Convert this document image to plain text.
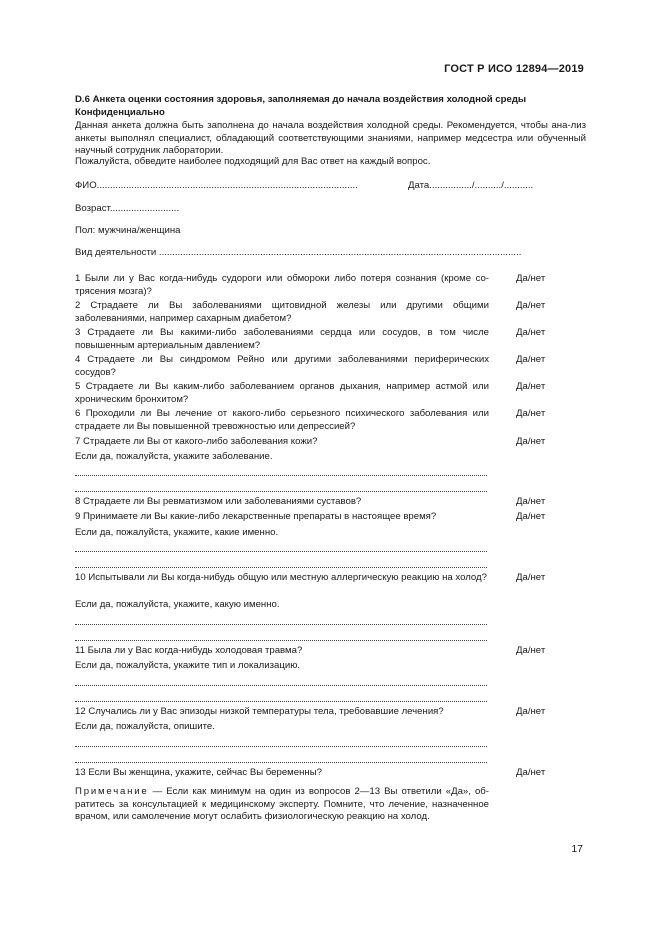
ГОСТ Р ИСО 12894—2019
D.6 Анкета оценки состояния здоровья, заполняемая до начала воздействия холодной среды
Конфиденциально
Данная анкета должна быть заполнена до начала воздействия холодной среды. Рекомендуется, чтобы ана-лиз анкеты выполнял специалист, обладающий соответствующими знаниями, например медсестра или обученный научный сотрудник лаборатории.
Пожалуйста, обведите наиболее подходящий для Вас ответ на каждый вопрос.
ФИО..................................................................................................	Дата................/........../...........
Возраст..........................
Пол: мужчина/женщина
Вид деятельности ........................................................................................................................................
1 Были ли у Вас когда-нибудь судороги или обмороки либо потеря сознания (кроме со-трясения мозга)?
Да/нет
2 Страдаете ли Вы заболеваниями щитовидной железы или другими общими заболеваниями, например сахарным диабетом?
Да/нет
3 Страдаете ли Вы какими-либо заболеваниями сердца или сосудов, в том числе повышенным артериальным давлением?
Да/нет
4 Страдаете ли Вы синдромом Рейно или другими заболеваниями периферических сосудов?
Да/нет
5 Страдаете ли Вы каким-либо заболеванием органов дыхания, например астмой или хроническим бронхитом?
Да/нет
6 Проходили ли Вы лечение от какого-либо серьезного психического заболевания или страдаете ли Вы повышенной тревожностью или депрессией?
Да/нет
7 Страдаете ли Вы от какого-либо заболевания кожи?	Да/нет
Если да, пожалуйста, укажите заболевание.
8 Страдаете ли Вы ревматизмом или заболеваниями суставов?	Да/нет
9 Принимаете ли Вы какие-либо лекарственные препараты в настоящее время?	Да/нет
Если да, пожалуйста, укажите, какие именно.
10 Испытывали ли Вы когда-нибудь общую или местную аллергическую реакцию на холод?	Да/нет
Если да, пожалуйста, укажите, какую именно.
11 Была ли у Вас когда-нибудь холодовая травма?	Да/нет
Если да, пожалуйста, укажите тип и локализацию.
12 Случались ли у Вас эпизоды низкой температуры тела, требовавшие лечения?	Да/нет
Если да, пожалуйста, опишите.
13 Если Вы женщина, укажите, сейчас Вы беременны?	Да/нет
Примечание — Если как минимум на один из вопросов 2—13 Вы ответили «Да», об-ратитесь за консультацией к медицинскому эксперту. Помните, что лечение, назначенное врачом, или самолечение могут ослабить физиологическую реакцию на холод.
17
